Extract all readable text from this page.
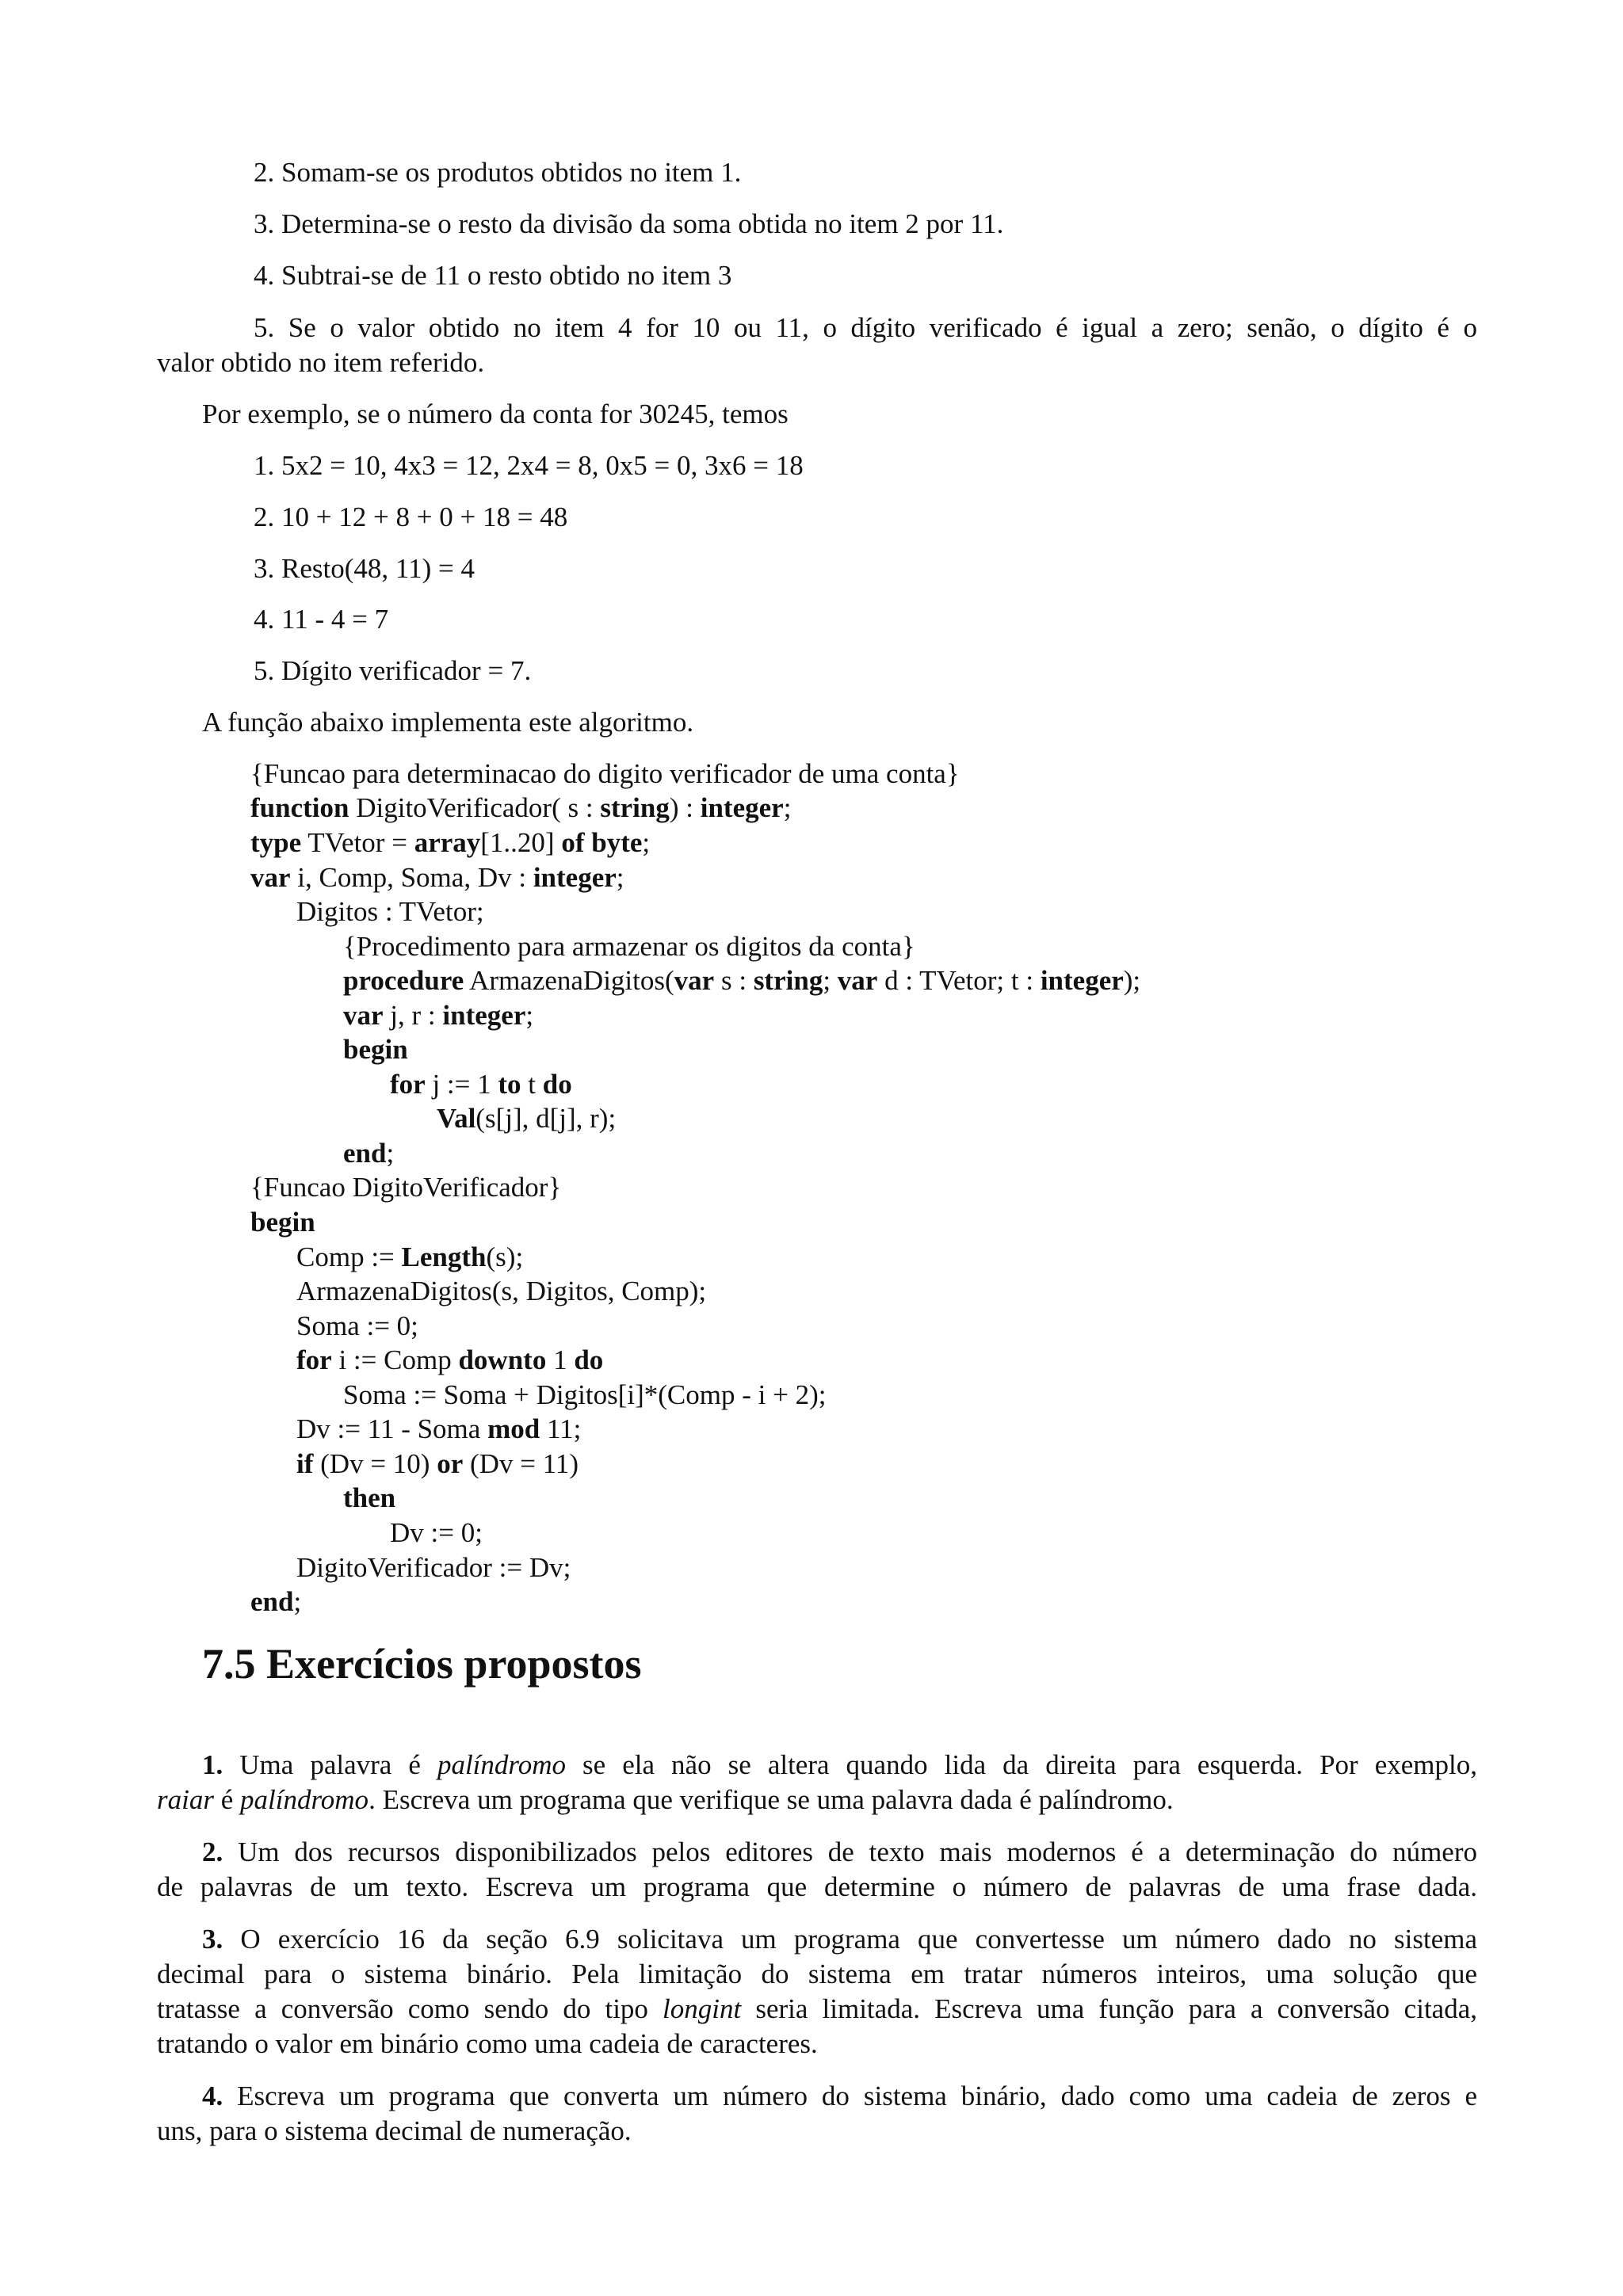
2. Somam-se os produtos obtidos no item 1.
3. Determina-se o resto da divisão da soma obtida no item 2 por 11.
4. Subtrai-se de 11 o resto obtido no item 3
5. Se o valor obtido no item 4 for 10 ou 11, o dígito verificado é igual a zero; senão, o dígito é o
valor obtido no item referido.
Por exemplo, se o número da conta for 30245, temos
1. 5x2 = 10, 4x3 = 12, 2x4 = 8, 0x5 = 0, 3x6 = 18
2. 10 + 12 + 8 + 0 + 18 = 48
3. Resto(48, 11) = 4
4. 11 - 4 = 7
5. Dígito verificador = 7.
A função abaixo implementa este algoritmo.
{Funcao para determinacao do digito verificador de uma conta}
function DigitoVerificador( s : string) : integer;
type TVetor = array[1..20] of byte;
var i, Comp, Soma, Dv : integer;
Digitos : TVetor;
{Procedimento para armazenar os digitos da conta}
procedure ArmazenaDigitos(var s : string; var d : TVetor; t : integer);
var j, r : integer;
begin
for j := 1 to t do
Val(s[j], d[j], r);
end;
{Funcao DigitoVerificador}
begin
Comp := Length(s);
ArmazenaDigitos(s, Digitos, Comp);
Soma := 0;
for i := Comp downto 1 do
Soma := Soma + Digitos[i]*(Comp - i + 2);
Dv := 11 - Soma mod 11;
if (Dv = 10) or (Dv = 11)
then
Dv := 0;
DigitoVerificador := Dv;
end;
7.5 Exercícios propostos
1. Uma palavra é palíndromo se ela não se altera quando lida da direita para esquerda. Por exemplo,
raiar é palíndromo. Escreva um programa que verifique se uma palavra dada é palíndromo.
2. Um dos recursos disponibilizados pelos editores de texto mais modernos é a determinação do número
de palavras de um texto. Escreva um programa que determine o número de palavras de uma frase dada.
3. O exercício 16 da seção 6.9 solicitava um programa que convertesse um número dado no sistema
decimal para o sistema binário. Pela limitação do sistema em tratar números inteiros, uma solução que
tratasse a conversão como sendo do tipo longint seria limitada. Escreva uma função para a conversão citada,
tratando o valor em binário como uma cadeia de caracteres.
4. Escreva um programa que converta um número do sistema binário, dado como uma cadeia de zeros e
uns, para o sistema decimal de numeração.
